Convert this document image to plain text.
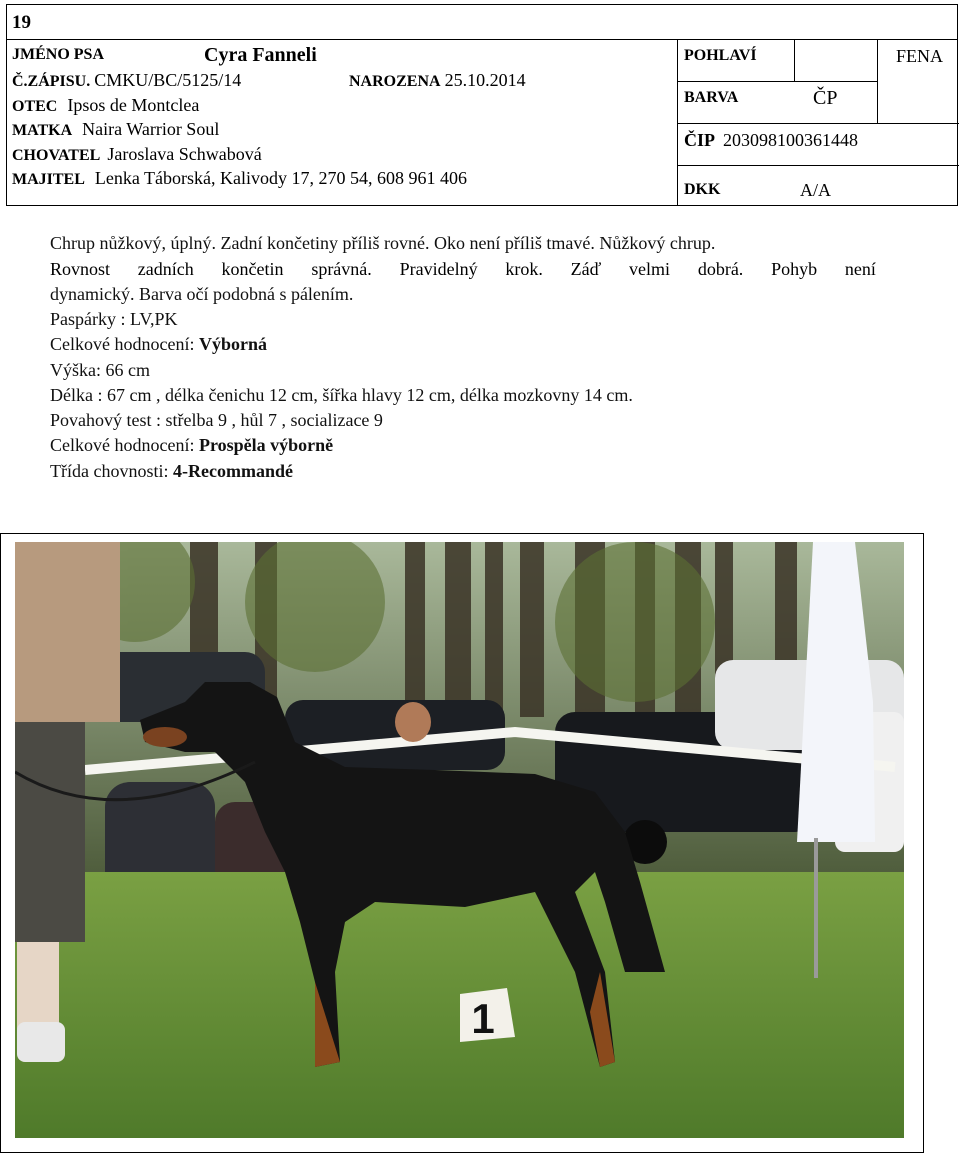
19
JMÉNO PSA	Cyra Fanneli
Č.ZÁPISU. CMKU/BC/5125/14	NAROZENA 25.10.2014
OTEC Ipsos de Montclea
MATKA Naira Warrior Soul
CHOVATEL Jaroslava Schwabová
MAJITEL Lenka Táborská, Kalivody 17, 270 54, 608 961 406
POHLAVÍ	FENA
BARVA	ČP
ČIP 203098100361448
DKK	A/A
Chrup nůžkový, úplný. Zadní končetiny příliš rovné. Oko není příliš tmavé. Nůžkový chrup.
Rovnost zadních končetin správná. Pravidelný krok. Záď velmi dobrá. Pohyb není
dynamický. Barva očí podobná s pálením.
Paspárky : LV,PK
Celkové hodnocení: Výborná
Výška: 66 cm
Délka : 67 cm , délka čenichu 12 cm, šířka hlavy 12 cm, délka mozkovny 14 cm.
Povahový test : střelba 9 , hůl 7 , socializace 9
Celkové hodnocení: Prospěla výborně
Třída chovnosti: 4-Recommandé
1
